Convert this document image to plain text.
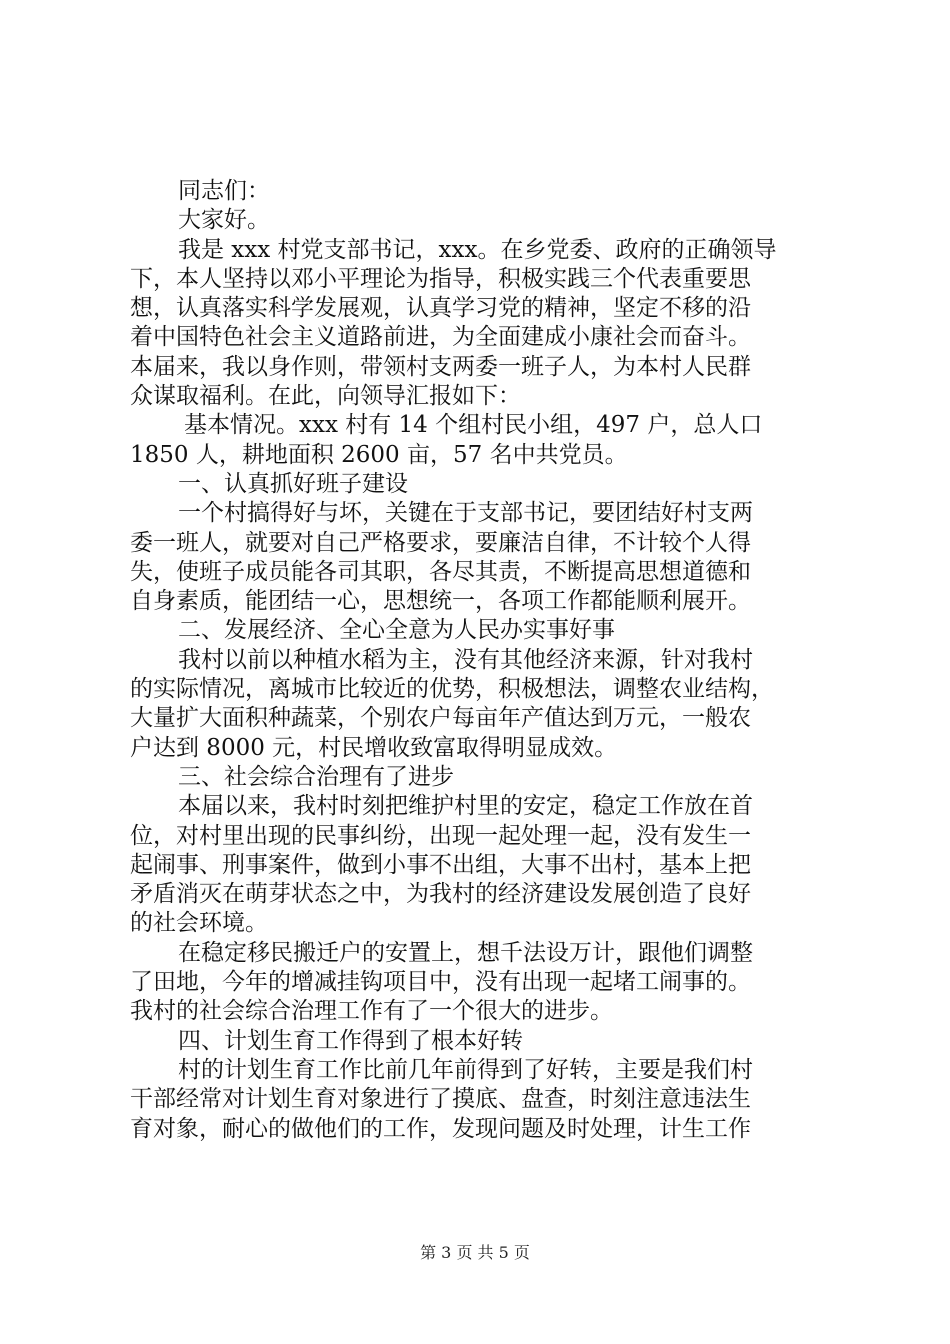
同志们：
大家好。
我是 xxx 村党支部书记，xxx。在乡党委、政府的正确领导
下，本人坚持以邓小平理论为指导，积极实践三个代表重要思
想，认真落实科学发展观，认真学习党的精神，坚定不移的沿
着中国特色社会主义道路前进，为全面建成小康社会而奋斗。
本届来，我以身作则，带领村支两委一班子人，为本村人民群
众谋取福利。在此，向领导汇报如下：
基本情况。xxx 村有 14 个组村民小组，497 户，总人口
1850 人，耕地面积 2600 亩，57 名中共党员。
一、认真抓好班子建设
一个村搞得好与坏，关键在于支部书记，要团结好村支两
委一班人，就要对自己严格要求，要廉洁自律，不计较个人得
失，使班子成员能各司其职，各尽其责，不断提高思想道德和
自身素质，能团结一心，思想统一，各项工作都能顺利展开。
二、发展经济、全心全意为人民办实事好事
我村以前以种植水稻为主，没有其他经济来源，针对我村
的实际情况，离城市比较近的优势，积极想法，调整农业结构，
大量扩大面积种蔬菜，个别农户每亩年产值达到万元，一般农
户达到 8000 元，村民增收致富取得明显成效。
三、社会综合治理有了进步
本届以来，我村时刻把维护村里的安定，稳定工作放在首
位，对村里出现的民事纠纷，出现一起处理一起，没有发生一
起闹事、刑事案件，做到小事不出组，大事不出村，基本上把
矛盾消灭在萌芽状态之中，为我村的经济建设发展创造了良好
的社会环境。
在稳定移民搬迁户的安置上，想千法设万计，跟他们调整
了田地，今年的增减挂钩项目中，没有出现一起堵工闹事的。
我村的社会综合治理工作有了一个很大的进步。
四、计划生育工作得到了根本好转
村的计划生育工作比前几年前得到了好转，主要是我们村
干部经常对计划生育对象进行了摸底、盘查，时刻注意违法生
育对象，耐心的做他们的工作，发现问题及时处理，计生工作
第 3 页 共 5 页
